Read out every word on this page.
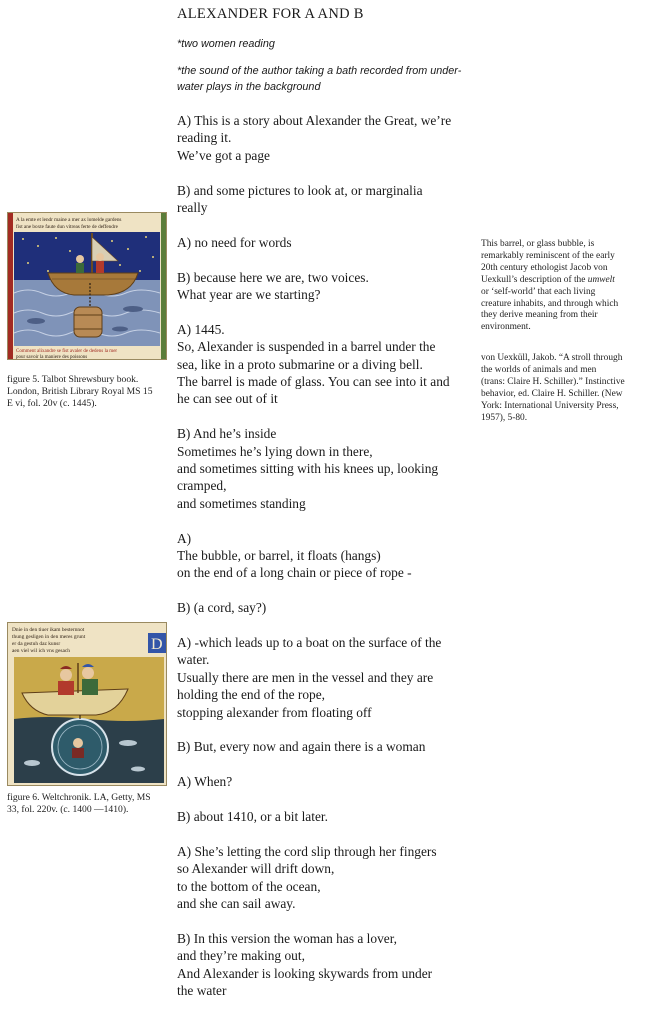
ALEXANDER FOR A AND B

*two women reading

*the sound of the author taking a bath recorded from under-
water plays in the background

A) This is a story about Alexander the Great, we’re
reading it.
We’ve got a page

B) and some pictures to look at, or marginalia
really

A) no need for words

B) because here we are, two voices.
What year are we starting?

A) 1445.
So, Alexander is suspended in a barrel under the
sea, like in a proto submarine or a diving bell.
The barrel is made of glass. You can see into it and
he can see out of it

B) And he’s inside
Sometimes he’s lying down in there,
and sometimes sitting with his knees up, looking
cramped,
and sometimes standing

A)
The bubble, or barrel, it floats (hangs)
on the end of a long chain or piece of rope -

B) (a cord, say?)

A) -which leads up to a boat on the surface of the
water.
Usually there are men in the vessel and they are
holding the end of the rope,
stopping alexander from floating off

B) But, every now and again there is a woman

A) When?

B) about 1410, or a bit later.

A) She’s letting the cord slip through her fingers
so Alexander will drift down,
to the bottom of the ocean,
and she can sail away.

B) In this version the woman has a lover,
and they’re making out,
And Alexander is looking skywards from under
the water

A la emte et lendr maine a mer ax lomelde gardens
fist ane boxte faute dun vitreas ferte de deffendre
Comment alixandre se fist avaler de dedens la mer
pour savoir la maniere des poissons
figure 5. Talbot Shrewsbury book.
London, British Library Royal MS 15
E vi, fol. 20v (c. 1445).
Dnie in den tiuer ikam besternnot
thung gesligen in den meres grunt
er da gestuh daz kunsr
aen viel wil ich vns gesach	D
figure 6. Weltchronik. LA, Getty, MS
33, fol. 220v. (c. 1400 —1410).
This barrel, or glass bubble, is
remarkably reminiscent of the early
20th century ethologist Jacob von
Uexkull’s description of the umwelt
or ‘self-world’ that each living
creature inhabits, and through which
they derive meaning from their
environment.
von Uexküll, Jakob. “A stroll through
the worlds of animals and men
(trans: Claire H. Schiller).” Instinctive
behavior, ed. Claire H. Schiller. (New
York: International University Press,
1957), 5-80.
